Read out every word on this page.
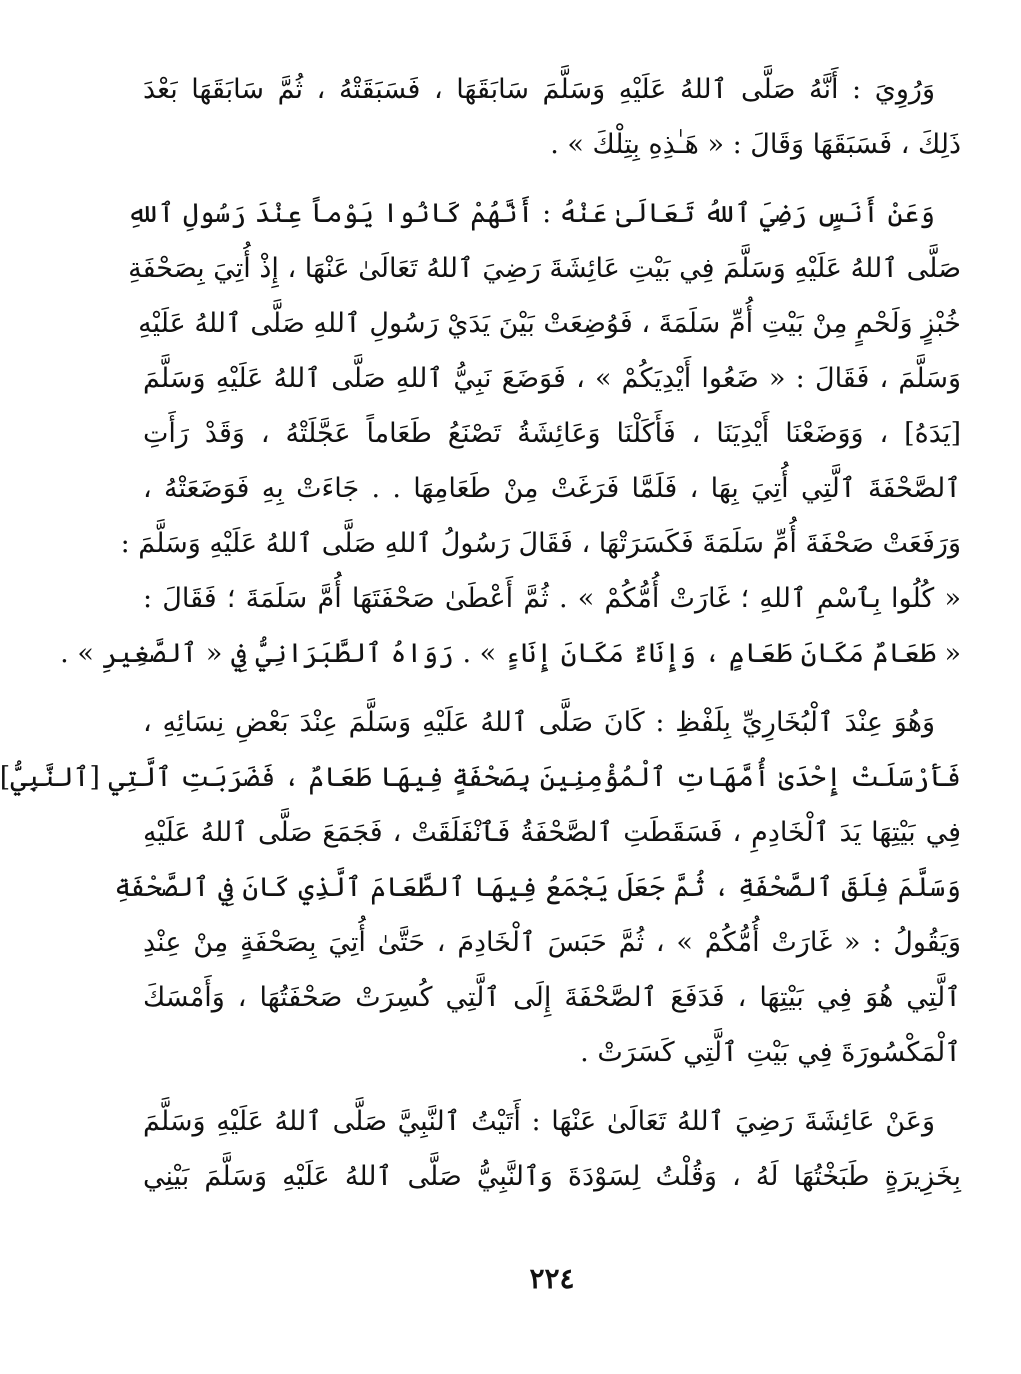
وَرُوِيَ : أَنَّهُ صَلَّى ٱللهُ عَلَيْهِ وَسَلَّمَ سَابَقَهَا ، فَسَبَقَتْهُ ، ثُمَّ سَابَقَهَا بَعْدَ
ذَلِكَ ، فَسَبَقَهَا وَقَالَ : « هَـٰذِهِ بِتِلْكَ » .
وَعَنْ أَنَسٍ رَضِيَ ٱللهُ تَعَالَىٰ عَنْهُ : أَنَّهُمْ كَانُوا يَوْماً عِنْدَ رَسُولِ ٱللهِ
صَلَّى ٱللهُ عَلَيْهِ وَسَلَّمَ فِي بَيْتِ عَائِشَةَ رَضِيَ ٱللهُ تَعَالَىٰ عَنْهَا ، إِذْ أُتِيَ بِصَحْفَةِ
خُبْزٍ وَلَحْمٍ مِنْ بَيْتِ أُمِّ سَلَمَةَ ، فَوُضِعَتْ بَيْنَ يَدَيْ رَسُولِ ٱللهِ صَلَّى ٱللهُ عَلَيْهِ
وَسَلَّمَ ، فَقَالَ : « ضَعُوا أَيْدِيَكُمْ » ، فَوَضَعَ نَبِيُّ ٱللهِ صَلَّى ٱللهُ عَلَيْهِ وَسَلَّمَ
[يَدَهُ] ، وَوَضَعْنَا أَيْدِيَنَا ، فَأَكَلْنَا وَعَائِشَةُ تَصْنَعُ طَعَاماً عَجَّلَتْهُ ، وَقَدْ رَأَتِ
ٱلصَّحْفَةَ ٱلَّتِي أُتِيَ بِهَا ، فَلَمَّا فَرَغَتْ مِنْ طَعَامِهَا . . جَاءَتْ بِهِ فَوَضَعَتْهُ ،
وَرَفَعَتْ صَحْفَةَ أُمِّ سَلَمَةَ فَكَسَرَتْهَا ، فَقَالَ رَسُولُ ٱللهِ صَلَّى ٱللهُ عَلَيْهِ وَسَلَّمَ :
« كُلُوا بِٱسْمِ ٱللهِ ؛ غَارَتْ أُمُّكُمْ » . ثُمَّ أَعْطَىٰ صَحْفَتَهَا أُمَّ سَلَمَةَ ؛ فَقَالَ :
« طَعَامٌ مَكَانَ طَعَامٍ ، وَإِنَاءٌ مَكَانَ إِنَاءٍ » . رَوَاهُ ٱلطَّبَرَانِيُّ فِي « ٱلصَّغِيرِ » .
وَهُوَ عِنْدَ ٱلْبُخَارِيِّ بِلَفْظِ : كَانَ صَلَّى ٱللهُ عَلَيْهِ وَسَلَّمَ عِنْدَ بَعْضِ نِسَائِهِ ،
فَأَرْسَلَتْ إِحْدَىٰ أُمَّهَاتِ ٱلْمُؤْمِنِينَ بِصَحْفَةٍ فِيهَا طَعَامٌ ، فَضَرَبَتِ ٱلَّتِي [ٱلنَّبِيُّ]
فِي بَيْتِهَا يَدَ ٱلْخَادِمِ ، فَسَقَطَتِ ٱلصَّحْفَةُ فَٱنْفَلَقَتْ ، فَجَمَعَ صَلَّى ٱللهُ عَلَيْهِ
وَسَلَّمَ فِلَقَ ٱلصَّحْفَةِ ، ثُمَّ جَعَلَ يَجْمَعُ فِيهَا ٱلطَّعَامَ ٱلَّذِي كَانَ فِي ٱلصَّحْفَةِ
وَيَقُولُ : « غَارَتْ أُمُّكُمْ » ، ثُمَّ حَبَسَ ٱلْخَادِمَ ، حَتَّىٰ أُتِيَ بِصَحْفَةٍ مِنْ عِنْدِ
ٱلَّتِي هُوَ فِي بَيْتِهَا ، فَدَفَعَ ٱلصَّحْفَةَ إِلَى ٱلَّتِي كُسِرَتْ صَحْفَتُهَا ، وَأَمْسَكَ
ٱلْمَكْسُورَةَ فِي بَيْتِ ٱلَّتِي كَسَرَتْ .
وَعَنْ عَائِشَةَ رَضِيَ ٱللهُ تَعَالَىٰ عَنْهَا : أَتَيْتُ ٱلنَّبِيَّ صَلَّى ٱللهُ عَلَيْهِ وَسَلَّمَ
بِخَزِيرَةٍ طَبَخْتُهَا لَهُ ، وَقُلْتُ لِسَوْدَةَ وَٱلنَّبِيُّ صَلَّى ٱللهُ عَلَيْهِ وَسَلَّمَ بَيْنِي
٢٢٤
